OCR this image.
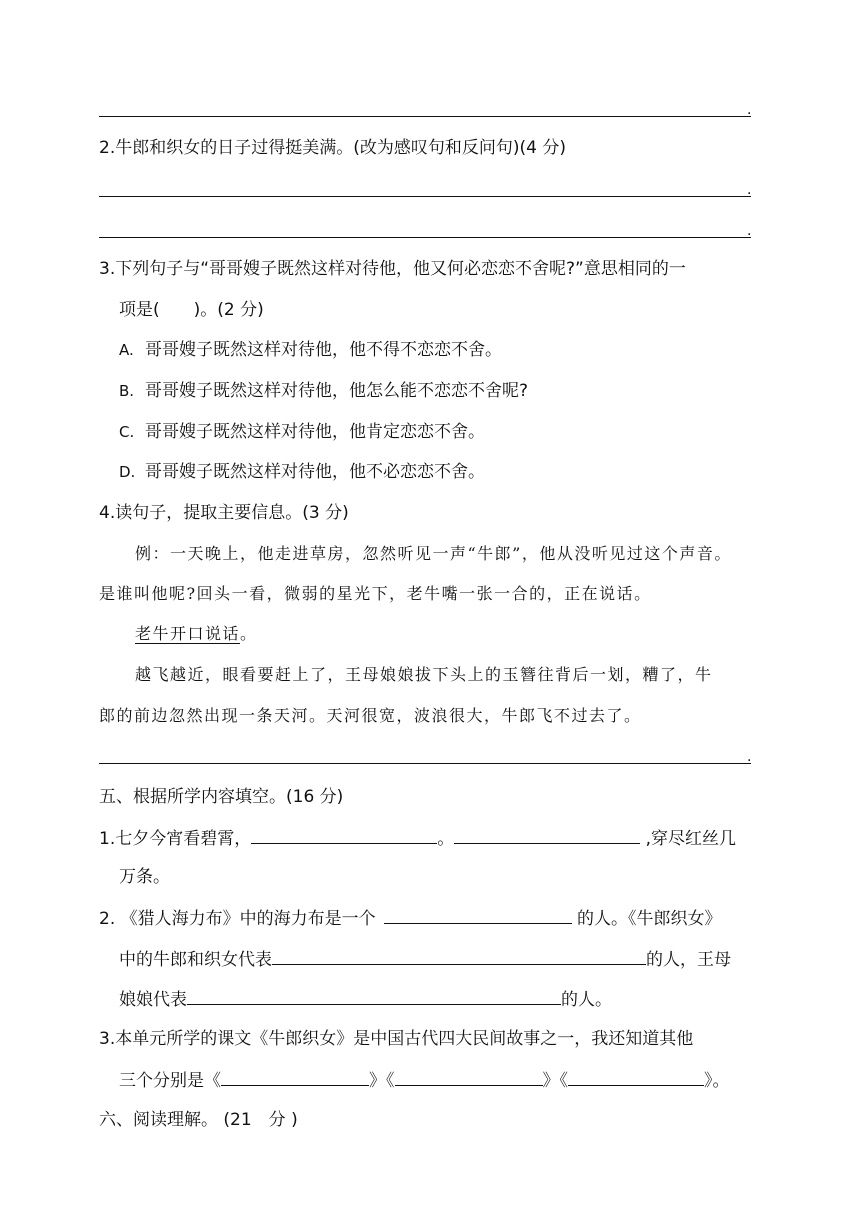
.
2.牛郎和织女的日子过得挺美满。(改为感叹句和反问句)(4 分)
.
.
3.下列句子与“哥哥嫂子既然这样对待他，他又何必恋恋不舍呢?”意思相同的一
项是(　　)。(2 分)
A. 哥哥嫂子既然这样对待他，他不得不恋恋不舍。
B. 哥哥嫂子既然这样对待他，他怎么能不恋恋不舍呢?
C. 哥哥嫂子既然这样对待他，他肯定恋恋不舍。
D. 哥哥嫂子既然这样对待他，他不必恋恋不舍。
4.读句子，提取主要信息。(3 分)
例：一天晚上，他走进草房，忽然听见一声“牛郎”，他从没听见过这个声音。
是谁叫他呢?回头一看，微弱的星光下，老牛嘴一张一合的，正在说话。
老牛开口说话。
越飞越近，眼看要赶上了，王母娘娘拔下头上的玉簪往背后一划，糟了，牛
郎的前边忽然出现一条天河。天河很宽，波浪很大，牛郎飞不过去了。
.
五、根据所学内容填空。(16 分)
1.七夕今宵看碧霄，	。	,穿尽红丝几
万条。
2. 《猎人海力布》中的海力布是一个	的人。《牛郎织女》
中的牛郎和织女代表	的人，王母
娘娘代表	的人。
3.本单元所学的课文《牛郎织女》是中国古代四大民间故事之一，我还知道其他
三个分别是《	》《	》《	》。
六、阅读理解。 (21　分 )
